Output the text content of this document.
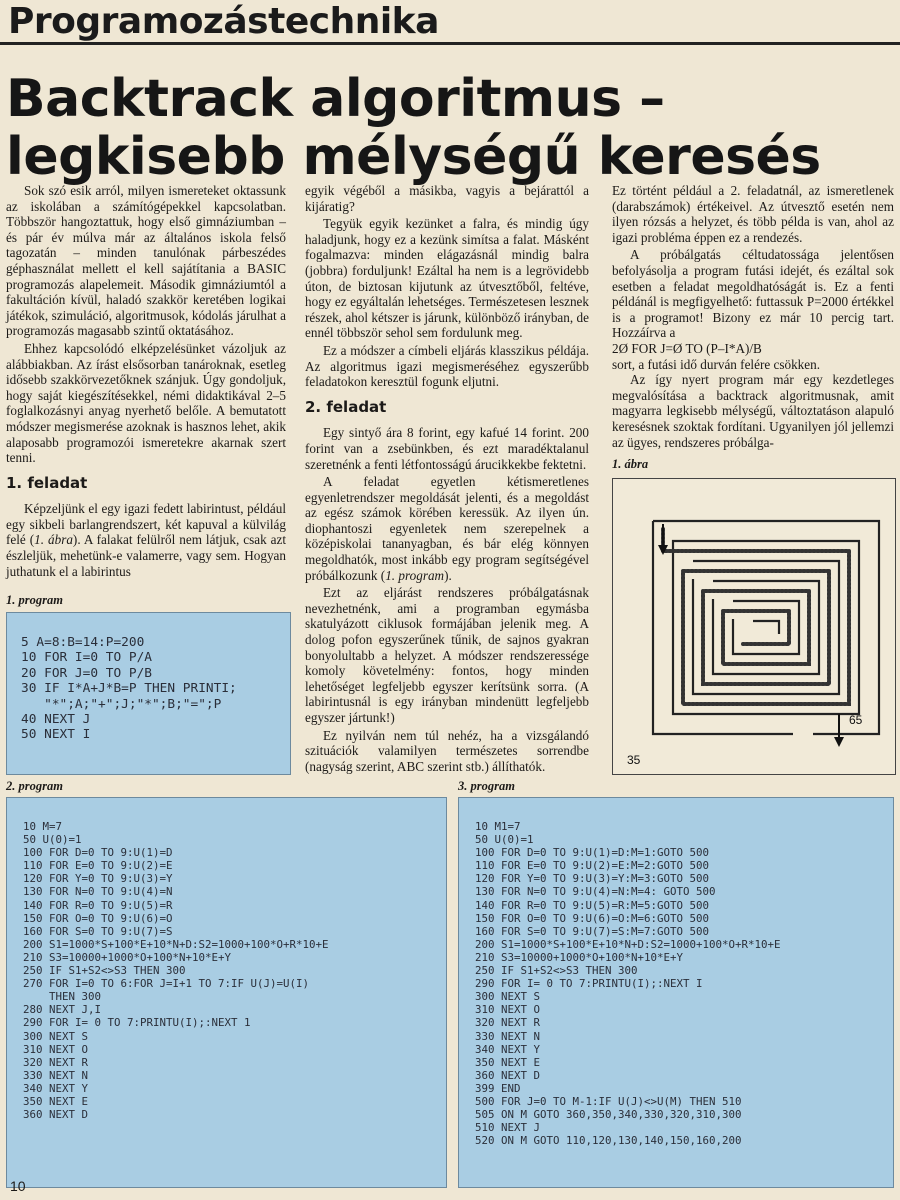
Programozástechnika
Backtrack algoritmus –
legkisebb mélységű keresés

Sok szó esik arról, milyen ismereteket oktassunk az iskolában a számítógépekkel kapcsolatban. Többször hangoztattuk, hogy első gimnáziumban – és pár év múlva már az általános iskola felső tagozatán – minden tanulónak párbeszédes géphasználat mellett el kell sajátítania a BASIC programozás alapelemeit. Második gimnáziumtól a fakultáción kívül, haladó szakkör keretében logikai játékok, szimuláció, algoritmusok, kódolás járulhat a programozás magasabb szintű oktatásához.

Ehhez kapcsolódó elképzelésünket vázoljuk az alábbiakban. Az írást elsősorban tanároknak, esetleg idősebb szakkörvezetőknek szánjuk. Úgy gondoljuk, hogy saját kiegészítésekkel, némi didaktikával 2–5 foglalkozásnyi anyag nyerhető belőle. A bemutatott módszer megismerése azoknak is hasznos lehet, akik alaposabb programozói ismeretekre akarnak szert tenni.

1. feladat

Képzeljünk el egy igazi fedett labirintust, például egy sikbeli barlangrendszert, két kapuval a külvilág felé (1. ábra). A falakat felülről nem látjuk, csak azt észleljük, mehetünk-e valamerre, vagy sem. Hogyan juthatunk el a labirintus

egyik végéből a másikba, vagyis a bejárattól a kijáratig?

Tegyük egyik kezünket a falra, és mindig úgy haladjunk, hogy ez a kezünk simítsa a falat. Másként fogalmazva: minden elágazásnál mindig balra (jobbra) forduljunk! Ezáltal ha nem is a legrövidebb úton, de biztosan kijutunk az útvesztőből, feltéve, hogy ez egyáltalán lehetséges. Természetesen lesznek részek, ahol kétszer is járunk, különböző irányban, de ennél többször sehol sem fordulunk meg.

Ez a módszer a címbeli eljárás klasszikus példája. Az algoritmus igazi megismeréséhez egyszerűbb feladatokon keresztül fogunk eljutni.

2. feladat

Egy sintyő ára 8 forint, egy kafué 14 forint. 200 forint van a zsebünkben, és ezt maradéktalanul szeretnénk a fenti létfontosságú árucikkekbe fektetni.

A feladat egyetlen kétismeretlenes egyenletrendszer megoldását jelenti, és a megoldást az egész számok körében keressük. Az ilyen ún. diophantoszi egyenletek nem szerepelnek a középiskolai tananyagban, és bár elég könnyen megoldhatók, most inkább egy program segítségével próbálkozunk (1. program).

Ezt az eljárást rendszeres próbálgatásnak nevezhetnénk, ami a programban egymásba skatulyázott ciklusok formájában jelenik meg. A dolog pofon egyszerűnek tűnik, de sajnos gyakran bonyolultabb a helyzet. A módszer rendszeressége komoly követelmény: fontos, hogy minden lehetőséget legfeljebb egyszer kerítsünk sorra. (A labirintusnál is egy irányban mindenütt legfeljebb egyszer jártunk!)

Ez nyilván nem túl nehéz, ha a vizsgálandó szituációk valamilyen természetes sorrendbe (nagyság szerint, ABC szerint stb.) állíthatók.

Ez történt például a 2. feladatnál, az ismeretlenek (darabszámok) értékeivel. Az útvesztő esetén nem ilyen rózsás a helyzet, és több példa is van, ahol az igazi probléma éppen ez a rendezés.

A próbálgatás céltudatossága jelentősen befolyásolja a program futási idejét, és ezáltal sok esetben a feladat megoldhatóságát is. Ez a fenti példánál is megfigyelhető: futtassuk P=2000 értékkel is a programot! Bizony ez már 10 percig tart. Hozzáírva a

2Ø FOR J=Ø TO (P–I*A)/B
sort, a futási idő durván felére csökken.

Az így nyert program már egy kezdetleges megvalósítása a backtrack algoritmusnak, amit magyarra legkisebb mélységű, változtatáson alapuló keresésnek szoktak fordítani. Ugyanilyen jól jellemzi az ügyes, rendszeres próbálga-

1. ábra
35
65
1. program
5 A=8:B=14:P=200
10 FOR I=0 TO P/A
20 FOR J=0 TO P/B
30 IF I*A+J*B=P THEN PRINTI;
"*";A;"+";J;"*";B;"=";P
40 NEXT J
50 NEXT I
2. program
10 M=7
50 U(0)=1
100 FOR D=0 TO 9:U(1)=D
110 FOR E=0 TO 9:U(2)=E
120 FOR Y=0 TO 9:U(3)=Y
130 FOR N=0 TO 9:U(4)=N
140 FOR R=0 TO 9:U(5)=R
150 FOR O=0 TO 9:U(6)=O
160 FOR S=0 TO 9:U(7)=S
200 S1=1000*S+100*E+10*N+D:S2=1000+100*O+R*10+E
210 S3=10000+1000*O+100*N+10*E+Y
250 IF S1+S2<>S3 THEN 300
270 FOR I=0 TO 6:FOR J=I+1 TO 7:IF U(J)=U(I)
THEN 300
280 NEXT J,I
290 FOR I= 0 TO 7:PRINTU(I);:NEXT 1
300 NEXT S
310 NEXT O
320 NEXT R
330 NEXT N
340 NEXT Y
350 NEXT E
360 NEXT D
3. program
10 M1=7
50 U(0)=1
100 FOR D=0 TO 9:U(1)=D:M=1:GOTO 500
110 FOR E=0 TO 9:U(2)=E:M=2:GOTO 500
120 FOR Y=0 TO 9:U(3)=Y:M=3:GOTO 500
130 FOR N=0 TO 9:U(4)=N:M=4: GOTO 500
140 FOR R=0 TO 9:U(5)=R:M=5:GOTO 500
150 FOR O=0 TO 9:U(6)=O:M=6:GOTO 500
160 FOR S=0 TO 9:U(7)=S:M=7:GOTO 500
200 S1=1000*S+100*E+10*N+D:S2=1000+100*O+R*10+E
210 S3=10000+1000*O+100*N+10*E+Y
250 IF S1+S2<>S3 THEN 300
290 FOR I= 0 TO 7:PRINTU(I);:NEXT I
300 NEXT S
310 NEXT O
320 NEXT R
330 NEXT N
340 NEXT Y
350 NEXT E
360 NEXT D
399 END
500 FOR J=0 TO M-1:IF U(J)<>U(M) THEN 510
505 ON M GOTO 360,350,340,330,320,310,300
510 NEXT J
520 ON M GOTO 110,120,130,140,150,160,200
10
